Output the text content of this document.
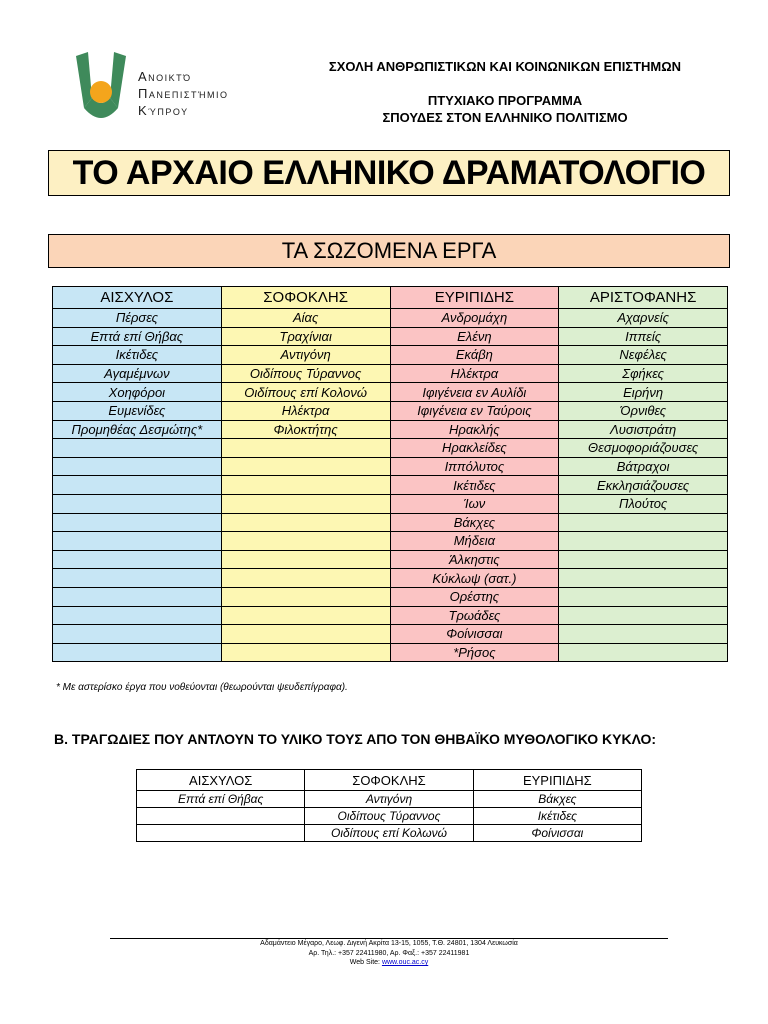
Ανοικτό
Πανεπιστήμιο
Κύπρου
ΣΧΟΛΗ ΑΝΘΡΩΠΙΣΤΙΚΩΝ ΚΑΙ ΚΟΙΝΩΝΙΚΩΝ ΕΠΙΣΤΗΜΩΝ
ΠΤΥΧΙΑΚΟ ΠΡΟΓΡΑΜΜΑ
ΣΠΟΥΔΕΣ ΣΤΟΝ ΕΛΛΗΝΙΚΟ ΠΟΛΙΤΙΣΜΟ
ΤΟ ΑΡΧΑΙΟ ΕΛΛΗΝΙΚΟ ΔΡΑΜΑΤΟΛΟΓΙΟ
ΤΑ ΣΩΖΟΜΕΝΑ ΕΡΓΑ
ΑΙΣΧΥΛΟΣ	ΣΟΦΟΚΛΗΣ	ΕΥΡΙΠΙΔΗΣ	ΑΡΙΣΤΟΦΑΝΗΣ
Πέρσες	Αίας	Ανδρομάχη	Αχαρνείς
Επτά επί Θήβας	Τραχίνιαι	Ελένη	Ιππείς
Ικέτιδες	Αντιγόνη	Εκάβη	Νεφέλες
Αγαμέμνων	Οιδίπους Τύραννος	Ηλέκτρα	Σφήκες
Χοηφόροι	Οιδίπους επί Κολονώ	Ιφιγένεια εν Αυλίδι	Ειρήνη
Ευμενίδες	Ηλέκτρα	Ιφιγένεια εν Ταύροις	Όρνιθες
Προμηθέας Δεσμώτης*	Φιλοκτήτης	Ηρακλής	Λυσιστράτη
		Ηρακλείδες	Θεσμοφοριάζουσες
		Ιππόλυτος	Βάτραχοι
		Ικέτιδες	Εκκλησιάζουσες
		Ίων	Πλούτος
		Βάκχες	
		Μήδεια	
		Άλκηστις	
		Κύκλωψ (σατ.)	
		Ορέστης	
		Τρωάδες	
		Φοίνισσαι	
		*Ρήσος	
* Με αστερίσκο έργα που νοθεύονται (θεωρούνται ψευδεπίγραφα).
Β. ΤΡΑΓΩΔΙΕΣ ΠΟΥ ΑΝΤΛΟΥΝ ΤΟ ΥΛΙΚΟ ΤΟΥΣ ΑΠΟ ΤΟΝ ΘΗΒΑΪΚΟ ΜΥΘΟΛΟΓΙΚΟ ΚΥΚΛΟ:
ΑΙΣΧΥΛΟΣ	ΣΟΦΟΚΛΗΣ	ΕΥΡΙΠΙΔΗΣ
Επτά επί Θήβας	Αντιγόνη	Βάκχες
	Οιδίπους Τύραννος	Ικέτιδες
	Οιδίπους επί Κολωνώ	Φοίνισσαι
Αδαμάντειο Μέγαρο, Λεωφ. Διγενή Ακρίτα 13-15, 1055, Τ.Θ. 24801, 1304 Λευκωσία
Αρ. Τηλ.: +357 22411980, Αρ. Φαξ.: +357 22411981
Web Site: www.ouc.ac.cy
